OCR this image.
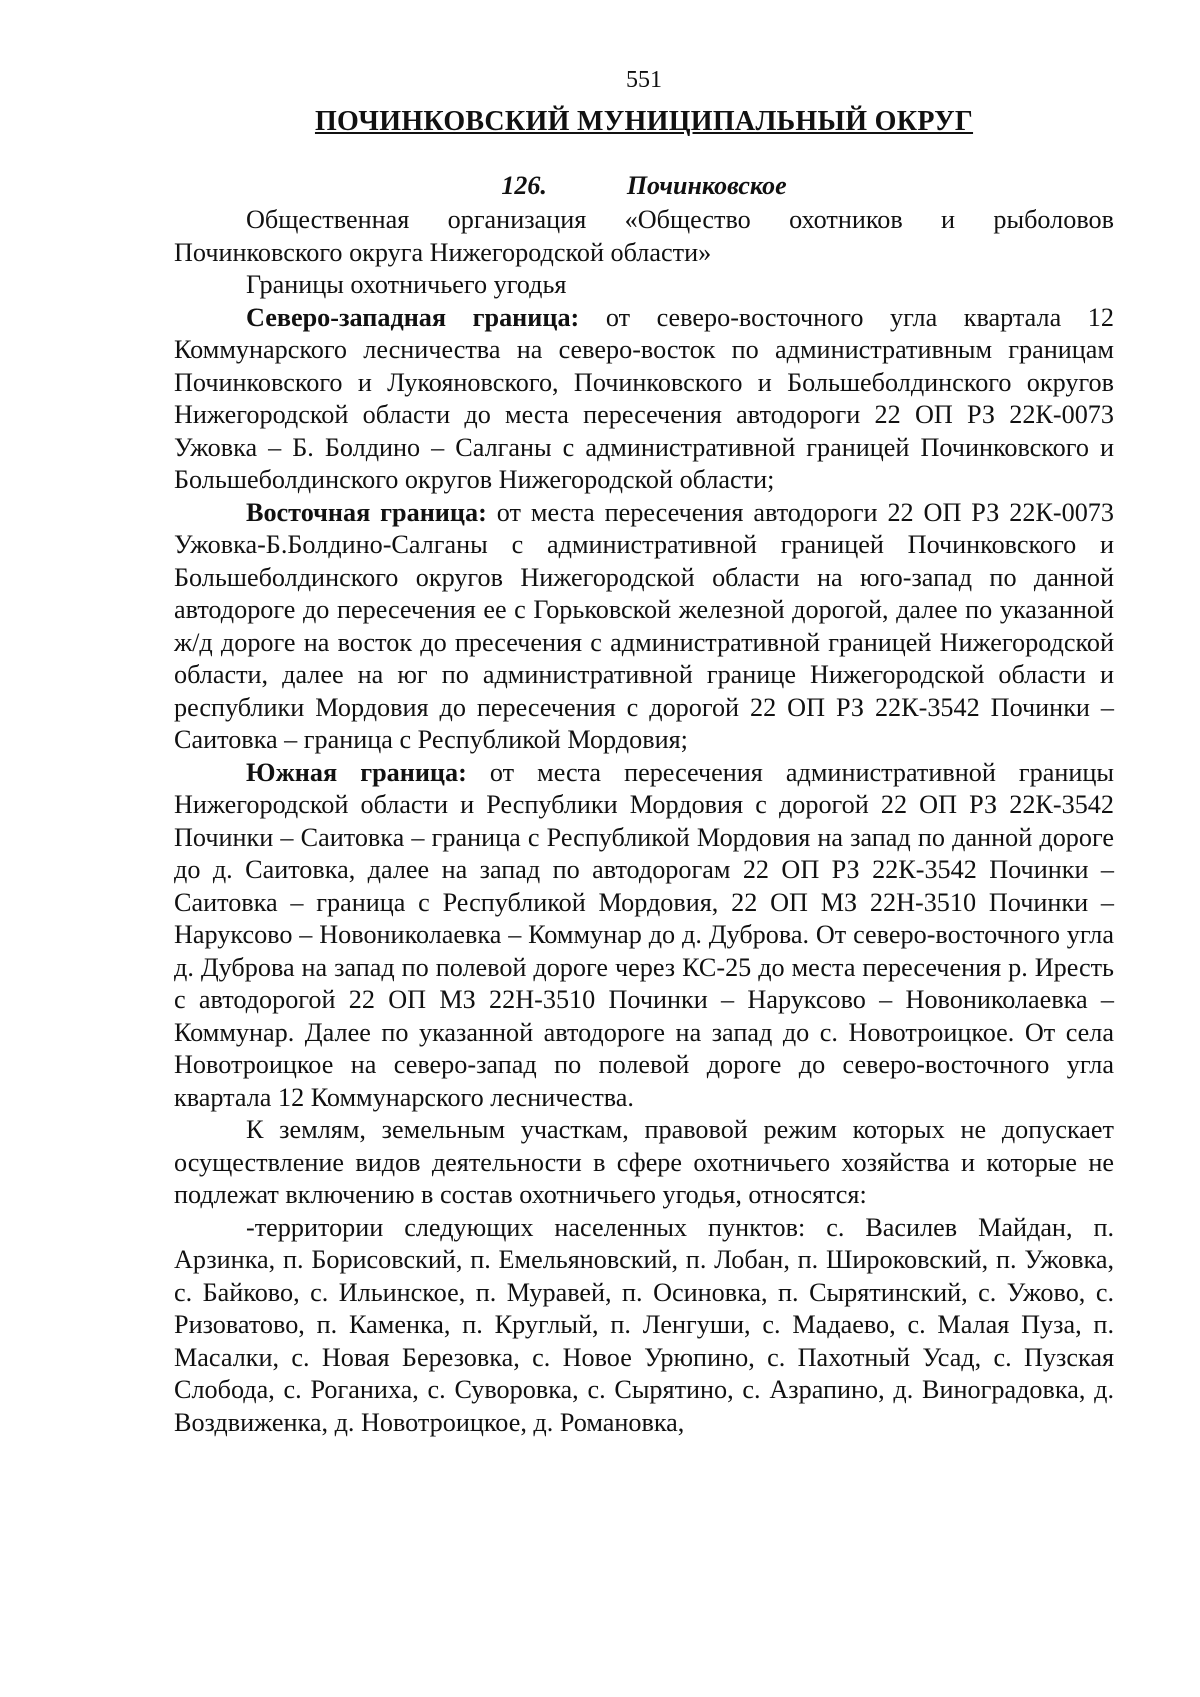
551
ПОЧИНКОВСКИЙ МУНИЦИПАЛЬНЫЙ ОКРУГ
126.	Починковское

Общественная организация «Общество охотников и рыболовов Починковского округа Нижегородской области»

Границы охотничьего угодья

Северо-западная граница: от северо-восточного угла квартала 12 Коммунарского лесничества на северо-восток по административным границам Починковского и Лукояновского, Починковского и Большеболдинского округов Нижегородской области до места пересечения автодороги 22 ОП РЗ 22К-0073 Ужовка – Б. Болдино – Салганы с административной границей Починковского и Большеболдинского округов Нижегородской области;

Восточная граница: от места пересечения автодороги 22 ОП РЗ 22К-0073 Ужовка-Б.Болдино-Салганы с административной границей Починковского и Большеболдинского округов Нижегородской области на юго-запад по данной автодороге до пересечения ее с Горьковской железной дорогой, далее по указанной ж/д дороге на восток до пресечения с административной границей Нижегородской области, далее на юг по административной границе Нижегородской области и республики Мордовия до пересечения с дорогой 22 ОП РЗ 22К-3542 Починки – Саитовка – граница с Республикой Мордовия;

Южная граница: от места пересечения административной границы Нижегородской области и Республики Мордовия с дорогой 22 ОП РЗ 22К-3542 Починки – Саитовка – граница с Республикой Мордовия на запад по данной дороге до д. Саитовка, далее на запад по автодорогам 22 ОП РЗ 22К-3542 Починки – Саитовка – граница с Республикой Мордовия, 22 ОП МЗ 22Н-3510 Починки – Наруксово – Новониколаевка – Коммунар до д. Дуброва. От северо-восточного угла д. Дуброва на запад по полевой дороге через КС-25 до места пересечения р. Иресть с автодорогой 22 ОП МЗ 22Н-3510 Починки – Наруксово – Новониколаевка – Коммунар. Далее по указанной автодороге на запад до с. Новотроицкое. От села Новотроицкое на северо-запад по полевой дороге до северо-восточного угла квартала 12 Коммунарского лесничества.

К землям, земельным участкам, правовой режим которых не допускает осуществление видов деятельности в сфере охотничьего хозяйства и которые не подлежат включению в состав охотничьего угодья, относятся:

-территории следующих населенных пунктов: с. Василев Майдан, п. Арзинка, п. Борисовский, п. Емельяновский, п. Лобан, п. Широковский, п. Ужовка, с. Байково, с. Ильинское, п. Муравей, п. Осиновка, п. Сырятинский, с. Ужово, с. Ризоватово, п. Каменка, п. Круглый, п. Ленгуши, с. Мадаево, с. Малая Пуза, п. Масалки, с. Новая Березовка, с. Новое Урюпино, с. Пахотный Усад, с. Пузская Слобода, с. Роганиха, с. Суворовка, с. Сырятино, с. Азрапино, д. Виноградовка, д. Воздвиженка, д. Новотроицкое, д. Романовка,
